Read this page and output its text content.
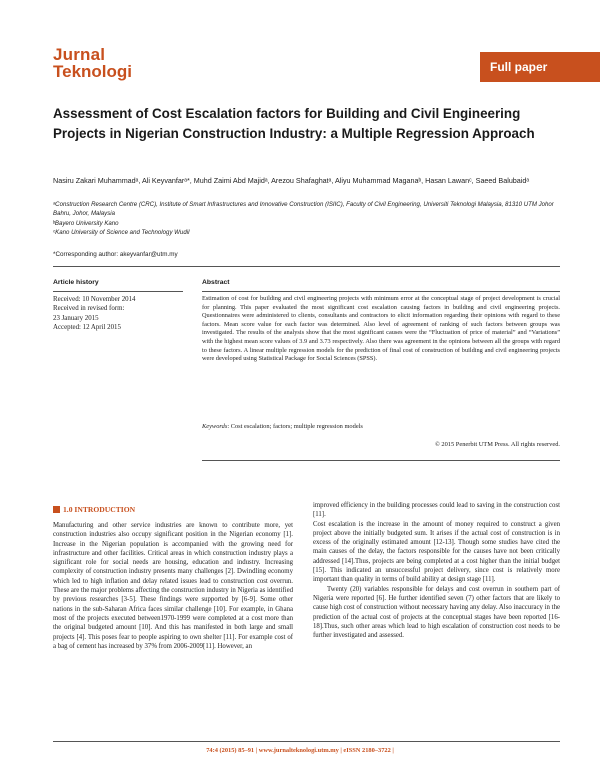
Jurnal
Teknologi	Full paper
Assessment of Cost Escalation factors for Building and Civil Engineering Projects in Nigerian Construction Industry: a Multiple Regression Approach
Nasiru Zakari Muhammadᵃ, Ali Keyvanfarᵃ*, Muhd Zaimi Abd Majidᵃ, Arezou Shafaghatᵃ, Aliyu Muhammad Maganaᵇ, Hasan Lawanᶜ, Saeed Balubaidᵃ
ᵃConstruction Research Centre (CRC), Institute of Smart Infrastructures and Innovative Construction (ISIIC), Faculty of Civil Engineering, Universiti Teknologi Malaysia, 81310 UTM Johor Bahru, Johor, Malaysia
ᵇBayero University Kano
ᶜKano University of Science and Technology Wudil
*Corresponding author: akeyvanfar@utm.my
Article history
Received: 10 November 2014
Received in revised form:
23 January 2015
Accepted: 12 April 2015
Abstract
Estimation of cost for building and civil engineering projects with minimum error at the conceptual stage of project development is crucial for planning. This paper evaluated the most significant cost escalation causing factors in building and civil engineering projects. Questionnaires were administered to clients, consultants and contractors to elicit information regarding their opinions with regard to these factors. Mean score value for each factor was determined. Also level of agreement of ranking of such factors between groups was investigated. The results of the analysis show that the most significant causes were the “Fluctuation of price of material” and “Variations” with the highest mean score values of 3.9 and 3.73 respectively. Also there was agreement in the opinions between all the groups with regard to these factors. A linear multiple regression models for the prediction of final cost of construction of building and civil engineering projects were developed using Statistical Package for Social Sciences (SPSS).
Keywords: Cost escalation; factors; multiple regression models
© 2015 Penerbit UTM Press. All rights reserved.
1.0 INTRODUCTION

Manufacturing and other service industries are known to contribute more, yet construction industries also occupy significant position in the Nigerian economy [1]. Increase in the Nigerian population is accompanied with the growing need for infrastructure and other facilities. Critical areas in which construction industry plays a significant role for social needs are housing, education and industry. Increasing complexity of construction industry presents many challenges [2]. Dwindling economy which led to high inflation and delay related issues lead to construction cost overrun. These are the major problems affecting the construction industry in Nigeria as identified by previous researches [3-5]. These findings were supported by [6-9]. Some other nations in the sub-Saharan Africa faces similar challenge [10]. For example, in Ghana most of the projects executed between1970-1999 were completed at a cost more than the original budgeted amount [10]. And this has manifested in both large and small projects [4]. This poses fear to people aspiring to own shelter [11]. For example cost of a bag of cement has increased by 37% from 2006-2009[11]. However, an

improved efficiency in the building processes could lead to saving in the construction cost [11].

Cost escalation is the increase in the amount of money required to construct a given project above the initially budgeted sum. It arises if the actual cost of construction is in excess of the originally estimated amount [12-13]. Though some studies have cited the main causes of the delay, the factors responsible for the causes have not been critically addressed [14].Thus, projects are being completed at a cost higher than the initial budget [15]. This indicated an unsuccessful project delivery, since cost is relatively more important than quality in terms of build ability at design stage [11].

Twenty (20) variables responsible for delays and cost overrun in southern part of Nigeria were reported [6]. He further identified seven (7) other factors that are likely to cause high cost of construction without necessary having any delay. Also inaccuracy in the prediction of the actual cost of projects at the conceptual stages have been reported [16-18].Thus, such other areas which lead to high escalation of construction cost needs to be further investigated and assessed.

74:4 (2015) 85–91 | www.jurnalteknologi.utm.my | eISSN 2180–3722 |
